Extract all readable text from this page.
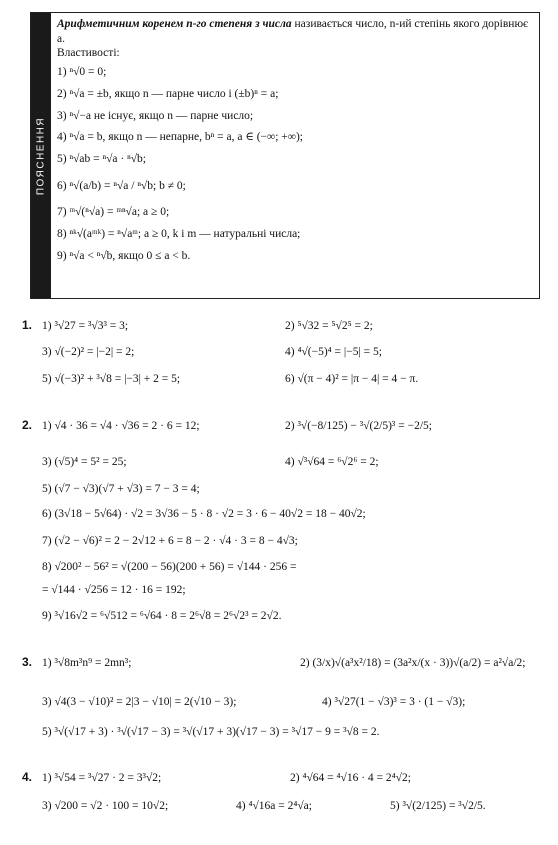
ПОЯСНЕННЯ
Арифметичним коренем n-го степеня з числа називається число, n-ий степінь якого дорівнює a.
Властивості:
1) ⁿ√0 = 0;
2) ⁿ√a = ±b, якщо n — парне число і (±b)ⁿ = a;
3) ⁿ√−a не існує, якщо n — парне число;
4) ⁿ√a = b, якщо n — непарне, bⁿ = a, a ∈ (−∞; +∞);
5) ⁿ√ab = ⁿ√a · ⁿ√b;
6) ⁿ√(a/b) = ⁿ√a / ⁿ√b; b ≠ 0;
7) ᵐ√(ⁿ√a) = ᵐⁿ√a; a ≥ 0;
8) ⁿᵏ√(aᵐᵏ) = ⁿ√aᵐ; a ≥ 0, k і m — натуральні числа;
9) ⁿ√a < ⁿ√b, якщо 0 ≤ a < b.
1. 1) ³√27 = ³√3³ = 3;	2) ⁵√32 = ⁵√2⁵ = 2;
3) √(−2)² = |−2| = 2;	4) ⁴√(−5)⁴ = |−5| = 5;
5) √(−3)² + ³√8 = |−3| + 2 = 5;	6) √(π − 4)² = |π − 4| = 4 − π.
2. 1) √4 · 36 = √4 · √36 = 2 · 6 = 12;	2) ³√(−8/125) − ³√(2/5)³ = −2/5;
3) (√5)⁴ = 5² = 25;	4) √³√64 = ⁶√2⁶ = 2;
5) (√7 − √3)(√7 + √3) = 7 − 3 = 4;
6) (3√18 − 5√64) · √2 = 3√36 − 5 · 8 · √2 = 3 · 6 − 40√2 = 18 − 40√2;
7) (√2 − √6)² = 2 − 2√12 + 6 = 8 − 2 · √4 · 3 = 8 − 4√3;
8) √200² − 56² = √(200 − 56)(200 + 56) = √144 · 256 =
= √144 · √256 = 12 · 16 = 192;
9) ³√16√2 = ⁶√512 = ⁶√64 · 8 = 2⁶√8 = 2⁶√2³ = 2√2.
3. 1) ³√8m³n⁹ = 2mn³;	2) (3/x)√(a³x²/18) = (3a²x/(x · 3))√(a/2) = a²√a/2;
3) √4(3 − √10)² = 2|3 − √10| = 2(√10 − 3);	4) ³√27(1 − √3)³ = 3 · (1 − √3);
5) ³√(√17 + 3) · ³√(√17 − 3) = ³√(√17 + 3)(√17 − 3) = ³√17 − 9 = ³√8 = 2.
4. 1) ³√54 = ³√27 · 2 = 3³√2;	2) ⁴√64 = ⁴√16 · 4 = 2⁴√2;
3) √200 = √2 · 100 = 10√2;	4) ⁴√16a = 2⁴√a;	5) ³√(2/125) = ³√2/5.
